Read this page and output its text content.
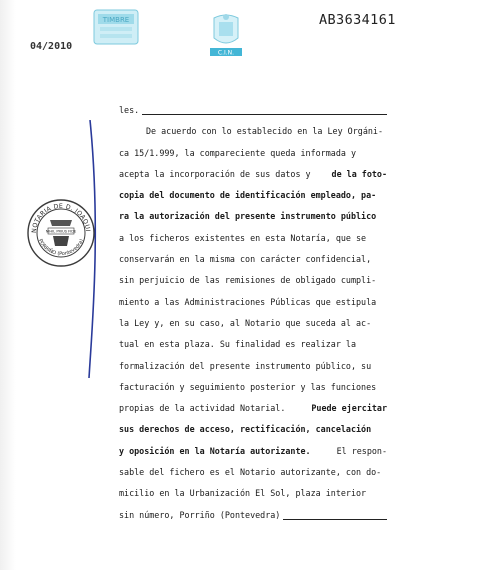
TIMBRE
C.I.N.
AB3634161
04/2010
NOTARIA DE D. JOAQUI
PORRIÑO (Pontevedra)
NIHIL PRIUS FIDE
les.
De acuerdo con lo establecido en la Ley Orgáni-
ca 15/1.999, la compareciente queda informada y
acepta la incorporación de sus datos y de la foto-
copia del documento de identificación empleado, pa-
ra la autorización del presente instrumento público
a los ficheros existentes en esta Notaría, que se
conservarán en la misma con carácter confidencial,
sin perjuicio de las remisiones de obligado cumpli-
miento a las Administraciones Públicas que estipula
la Ley y, en su caso, al Notario que suceda al ac-
tual en esta plaza. Su finalidad es realizar la
formalización del presente instrumento público, su
facturación y seguimiento posterior y las funciones
propias de la actividad Notarial. Puede ejercitar
sus derechos de acceso, rectificación, cancelación
y oposición en la Notaría autorizante. El respon-
sable del fichero es el Notario autorizante, con do-
micilio en la Urbanización El Sol, plaza interior
sin número, Porriño (Pontevedra)
